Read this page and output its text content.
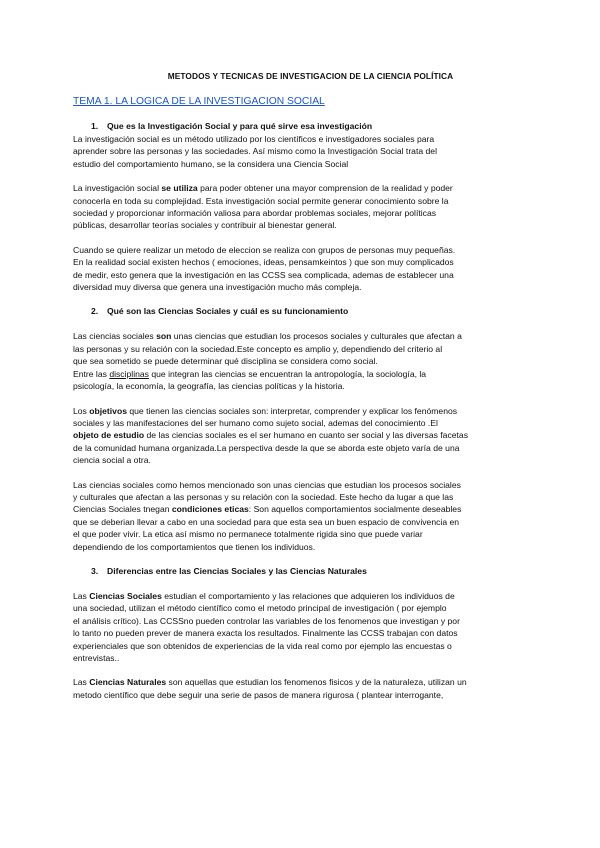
METODOS Y TECNICAS DE INVESTIGACION DE LA CIENCIA POLÍTICA
TEMA 1. LA LOGICA DE LA INVESTIGACION SOCIAL
1. Que es la Investigación Social y para qué sirve esa investigación

La investigación social es un método utilizado por los científicos e investigadores sociales para

aprender sobre las personas y las sociedades. Así mismo como la Investigación Social trata del

estudio del comportamiento humano, se la considera una Ciencia Social

La investigación social se utiliza para poder obtener una mayor comprension de la realidad y poder

conocerla en toda su complejidad. Esta investigación social permite generar conocimiento sobre la

sociedad y proporcionar información valiosa para abordar problemas sociales, mejorar políticas

públicas, desarrollar teorías sociales y contribuir al bienestar general.

Cuando se quiere realizar un metodo de eleccion se realiza con grupos de personas muy pequeñas.

En la realidad social existen hechos ( emociones, ideas, pensamkeintos ) que son muy complicados

de medir, esto genera que la investigación en las CCSS sea complicada, ademas de establecer una

diversidad muy diversa que genera una investigación mucho más compleja.

2. Qué son las Ciencias Sociales y cuál es su funcionamiento

Las ciencias sociales son unas ciencias que estudian los procesos sociales y culturales que afectan a

las personas y su relación con la sociedad.Este concepto es amplio y, dependiendo del criterio al

que sea sometido se puede determinar qué disciplina se considera como social.

Entre las disciplinas que integran las ciencias se encuentran la antropología, la sociología, la

psicología, la economía, la geografía, las ciencias políticas y la historia.

Los objetivos que tienen las ciencias sociales son: interpretar, comprender y explicar los fenómenos

sociales y las manifestaciones del ser humano como sujeto social, ademas del conocimiento .El

objeto de estudio de las ciencias sociales es el ser humano en cuanto ser social y las diversas facetas

de la comunidad humana organizada.La perspectiva desde la que se aborda este objeto varía de una

ciencia social a otra.

Las ciencias sociales como hemos mencionado son unas ciencias que estudian los procesos sociales

y culturales que afectan a las personas y su relación con la sociedad. Este hecho da lugar a que las

Ciencias Sociales tnegan condiciones eticas: Son aquellos comportamientos socialmente deseables

que se deberian llevar a cabo en una sociedad para que esta sea un buen espacio de convivencia en

el que poder vivir. La etica así mismo no permanece totalmente rigida sino que puede variar

dependiendo de los comportamientos que tienen los individuos.

3. Diferencias entre las Ciencias Sociales y las Ciencias Naturales

Las Ciencias Sociales estudian el comportamiento y las relaciones que adquieren los individuos de

una sociedad, utilizan el método científico como el metodo principal de investigación ( por ejemplo

el análisis crítico). Las CCSSno pueden controlar las variables de los fenomenos que investigan y por

lo tanto no pueden prever de manera exacta los resultados. Finalmente las CCSS trabajan con datos

experienciales que son obtenidos de experiencias de la vida real como por ejemplo las encuestas o

entrevistas..

Las Ciencias Naturales son aquellas que estudian los fenomenos fisicos y de la naturaleza, utilizan un

metodo científico que debe seguir una serie de pasos de manera rigurosa ( plantear interrogante,
